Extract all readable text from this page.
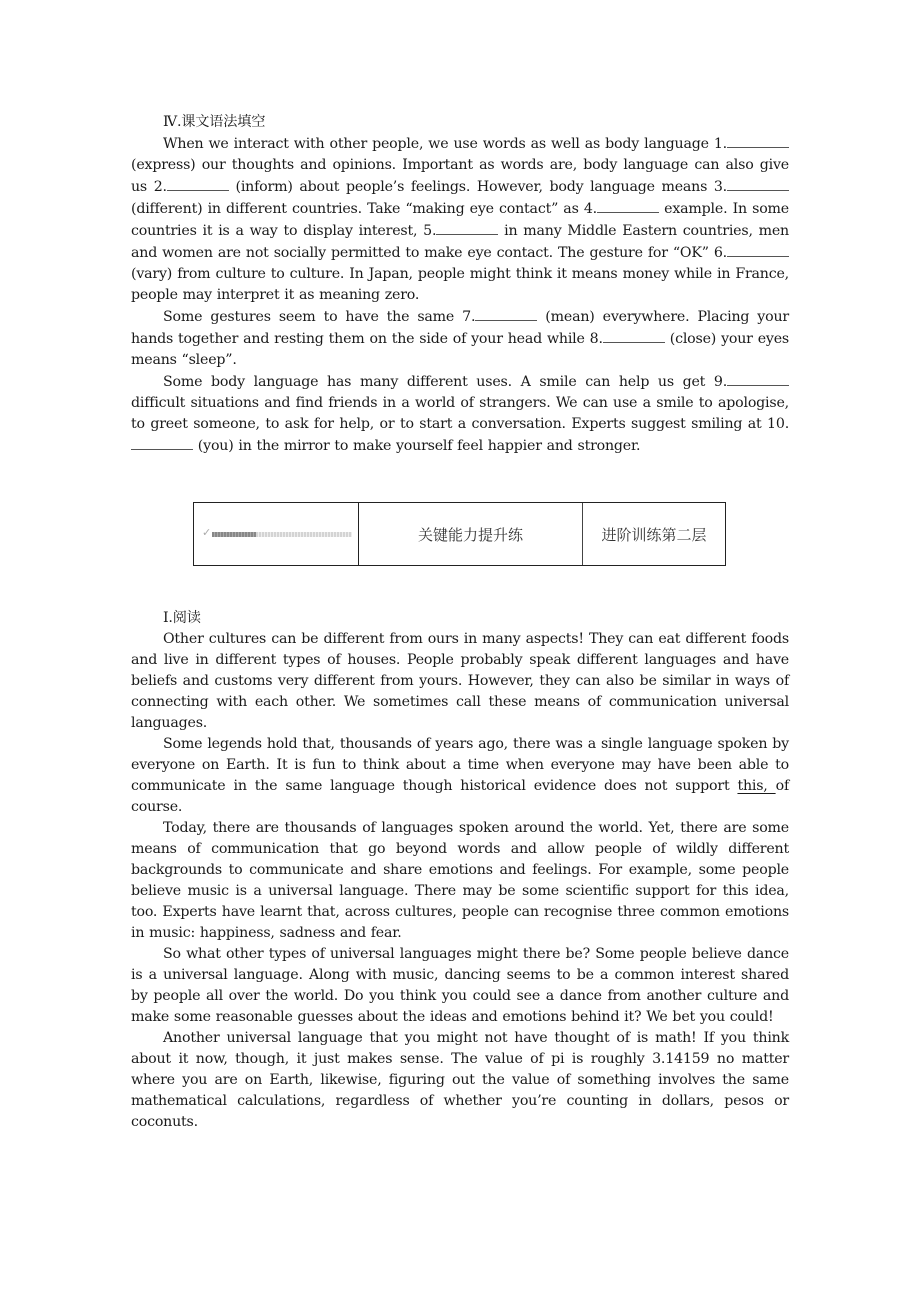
Ⅳ.课文语法填空

When we interact with other people, we use words as well as body language 1. (express) our thoughts and opinions. Important as words are, body language can also give us 2.	(inform) about people’s feelings. However, body language means 3. (different) in different countries. Take “making eye contact” as 4.	example. In some countries it is a way to display interest, 5.	in many Middle Eastern countries, men and women are not socially permitted to make eye contact. The gesture for “OK” 6. (vary) from culture to culture. In Japan, people might think it means money while in France, people may interpret it as meaning zero.

Some gestures seem to have the same 7.	(mean) everywhere. Placing your hands together and resting them on the side of your head while 8.	(close) your eyes means “sleep”.

Some body language has many different uses. A smile can help us get 9. difficult situations and find friends in a world of strangers. We can use a smile to apologise, to greet someone, to ask for help, or to start a conversation. Experts suggest smiling at 10. (you) in the mirror to make yourself feel happier and stronger.

✓	关键能力提升练	进阶训练第二层

Ⅰ.阅读

Other cultures can be different from ours in many aspects! They can eat different foods and live in different types of houses. People probably speak different languages and have beliefs and customs very different from yours. However, they can also be similar in ways of connecting with each other. We sometimes call these means of communication universal languages.

Some legends hold that, thousands of years ago, there was a single language spoken by everyone on Earth. It is fun to think about a time when everyone may have been able to communicate in the same language though historical evidence does not support this, of course.

Today, there are thousands of languages spoken around the world. Yet, there are some means of communication that go beyond words and allow people of wildly different backgrounds to communicate and share emotions and feelings. For example, some people believe music is a universal language. There may be some scientific support for this idea, too. Experts have learnt that, across cultures, people can recognise three common emotions in music: happiness, sadness and fear.

So what other types of universal languages might there be? Some people believe dance is a universal language. Along with music, dancing seems to be a common interest shared by people all over the world. Do you think you could see a dance from another culture and make some reasonable guesses about the ideas and emotions behind it? We bet you could!

Another universal language that you might not have thought of is math! If you think about it now, though, it just makes sense. The value of pi is roughly 3.14159 no matter where you are on Earth, likewise, figuring out the value of something involves the same mathematical calculations, regardless of whether you’re counting in dollars, pesos or coconuts.
